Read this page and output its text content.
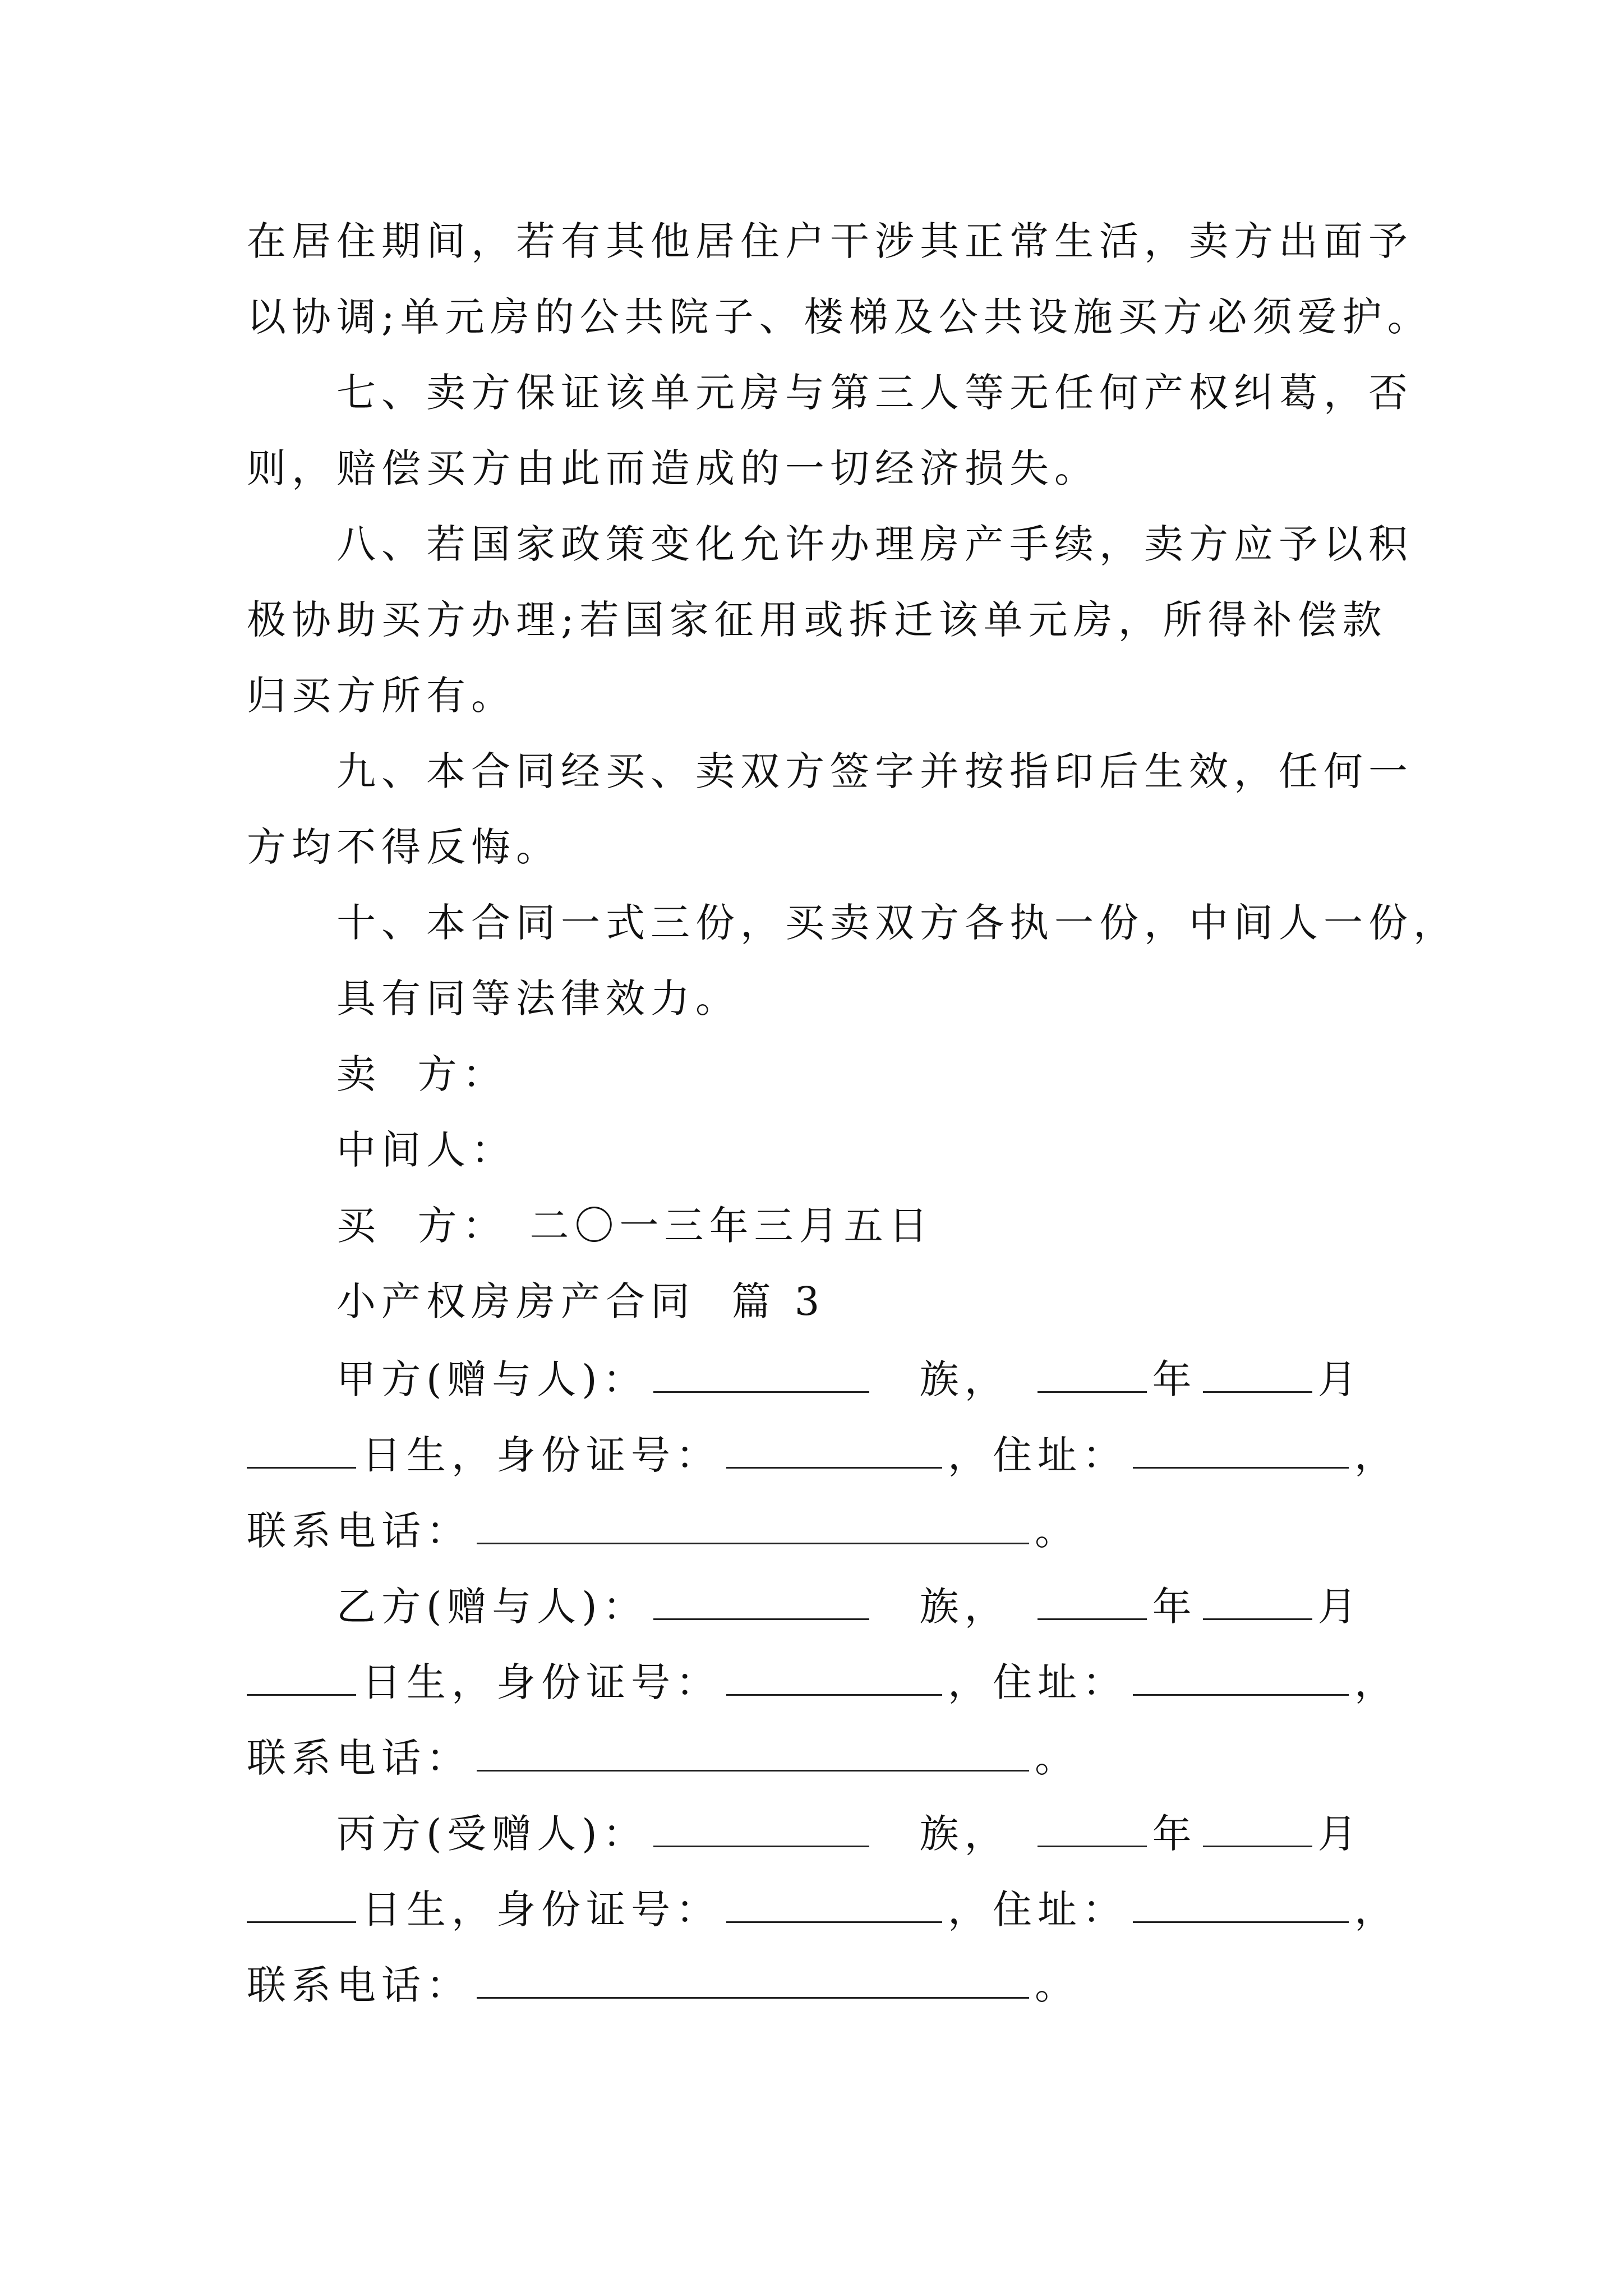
在居住期间，若有其他居住户干涉其正常生活，卖方出面予
以协调;单元房的公共院子、楼梯及公共设施买方必须爱护。
七、卖方保证该单元房与第三人等无任何产权纠葛，否
则，赔偿买方由此而造成的一切经济损失。
八、若国家政策变化允许办理房产手续，卖方应予以积
极协助买方办理;若国家征用或拆迁该单元房，所得补偿款
归买方所有。
九、本合同经买、卖双方签字并按指印后生效，任何一
方均不得反悔。
十、本合同一式三份，买卖双方各执一份，中间人一份，
具有同等法律效力。
卖  方：
中间人：
买  方： 二〇一三年三月五日
小产权房房产合同  篇 3
甲方(赠与人)：	族，	年	月
日生，身份证号：	，住址：	，
联系电话：	。
乙方(赠与人)：	族，	年	月
日生，身份证号：	，住址：	，
联系电话：	。
丙方(受赠人)：	族，	年	月
日生，身份证号：	，住址：	，
联系电话：	。
